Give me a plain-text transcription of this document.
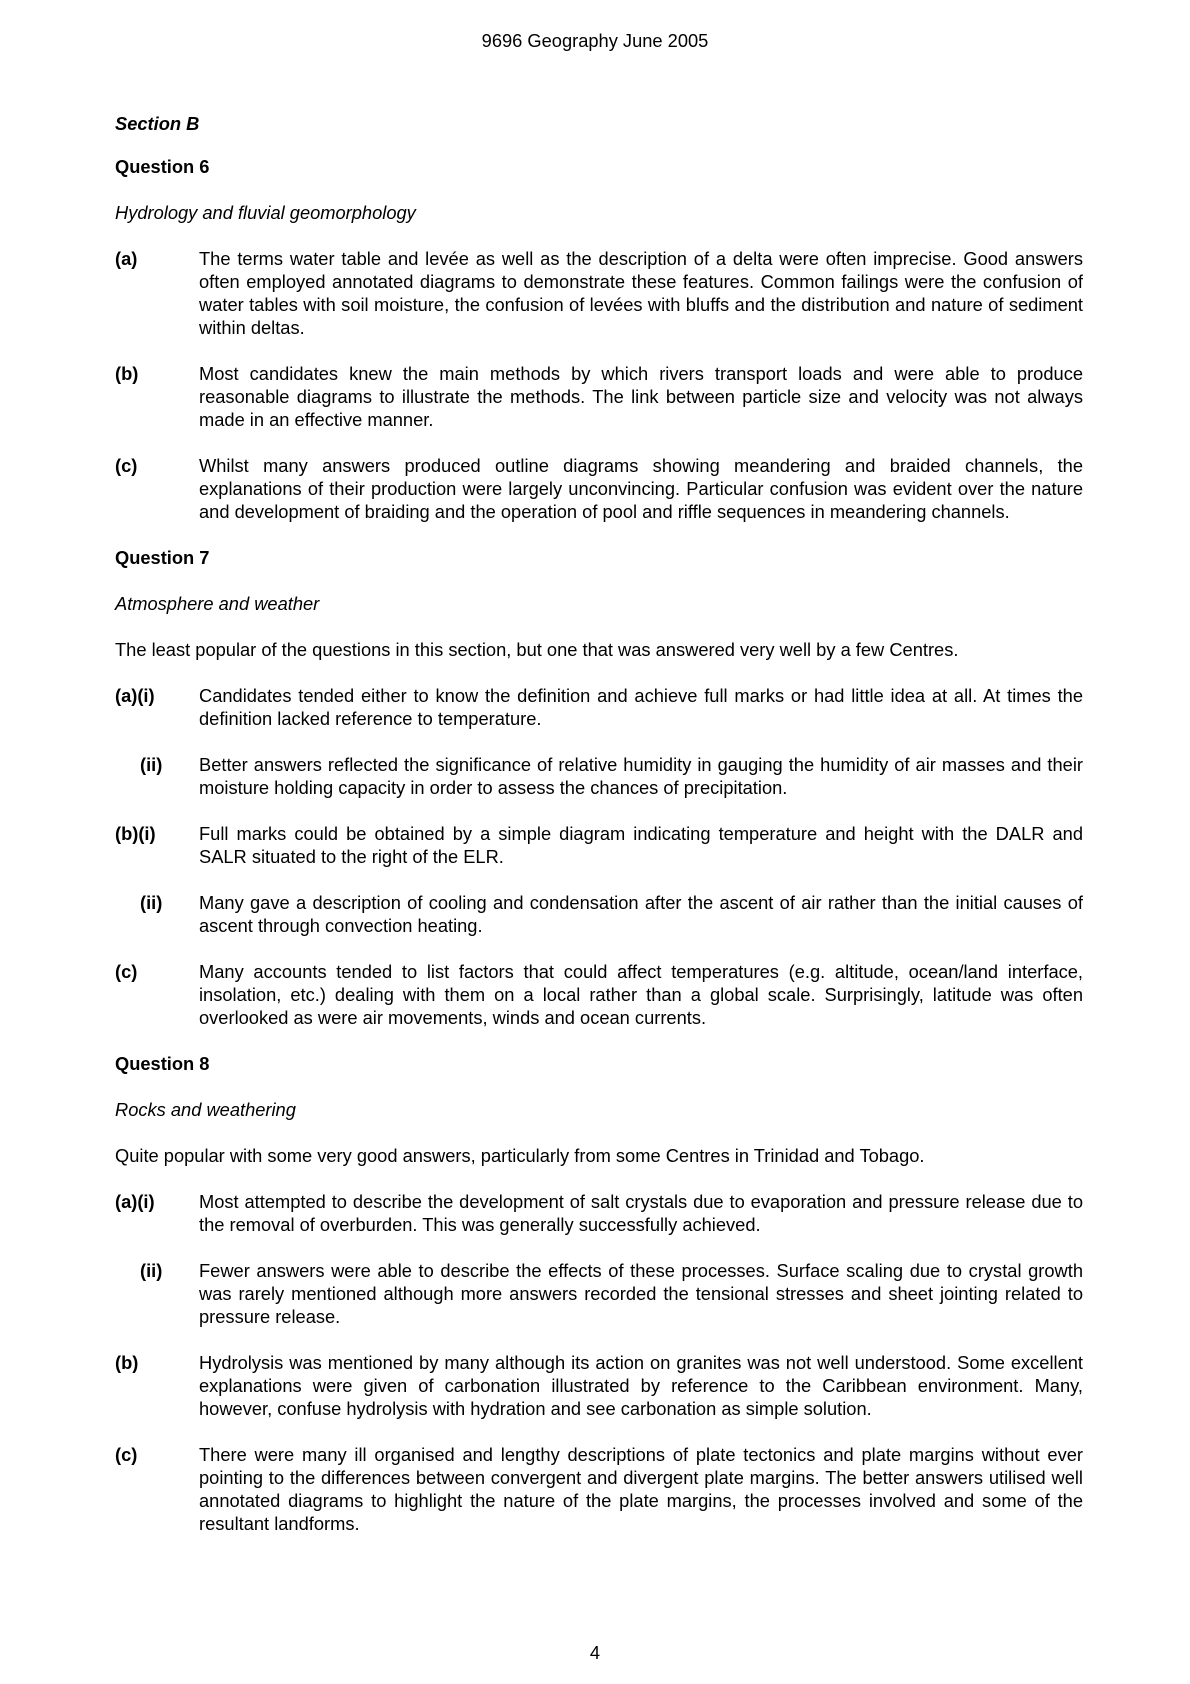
9696 Geography June 2005
Section B
Question 6
Hydrology and fluvial geomorphology
(a)	The terms water table and levée as well as the description of a delta were often imprecise. Good answers often employed annotated diagrams to demonstrate these features. Common failings were the confusion of water tables with soil moisture, the confusion of levées with bluffs and the distribution and nature of sediment within deltas.
(b)	Most candidates knew the main methods by which rivers transport loads and were able to produce reasonable diagrams to illustrate the methods. The link between particle size and velocity was not always made in an effective manner.
(c)	Whilst many answers produced outline diagrams showing meandering and braided channels, the explanations of their production were largely unconvincing. Particular confusion was evident over the nature and development of braiding and the operation of pool and riffle sequences in meandering channels.
Question 7
Atmosphere and weather
The least popular of the questions in this section, but one that was answered very well by a few Centres.
(a)(i)	Candidates tended either to know the definition and achieve full marks or had little idea at all. At times the definition lacked reference to temperature.
(ii)	Better answers reflected the significance of relative humidity in gauging the humidity of air masses and their moisture holding capacity in order to assess the chances of precipitation.
(b)(i)	Full marks could be obtained by a simple diagram indicating temperature and height with the DALR and SALR situated to the right of the ELR.
(ii)	Many gave a description of cooling and condensation after the ascent of air rather than the initial causes of ascent through convection heating.
(c)	Many accounts tended to list factors that could affect temperatures (e.g. altitude, ocean/land interface, insolation, etc.) dealing with them on a local rather than a global scale. Surprisingly, latitude was often overlooked as were air movements, winds and ocean currents.
Question 8
Rocks and weathering
Quite popular with some very good answers, particularly from some Centres in Trinidad and Tobago.
(a)(i)	Most attempted to describe the development of salt crystals due to evaporation and pressure release due to the removal of overburden. This was generally successfully achieved.
(ii)	Fewer answers were able to describe the effects of these processes. Surface scaling due to crystal growth was rarely mentioned although more answers recorded the tensional stresses and sheet jointing related to pressure release.
(b)	Hydrolysis was mentioned by many although its action on granites was not well understood. Some excellent explanations were given of carbonation illustrated by reference to the Caribbean environment. Many, however, confuse hydrolysis with hydration and see carbonation as simple solution.
(c)	There were many ill organised and lengthy descriptions of plate tectonics and plate margins without ever pointing to the differences between convergent and divergent plate margins. The better answers utilised well annotated diagrams to highlight the nature of the plate margins, the processes involved and some of the resultant landforms.
4
